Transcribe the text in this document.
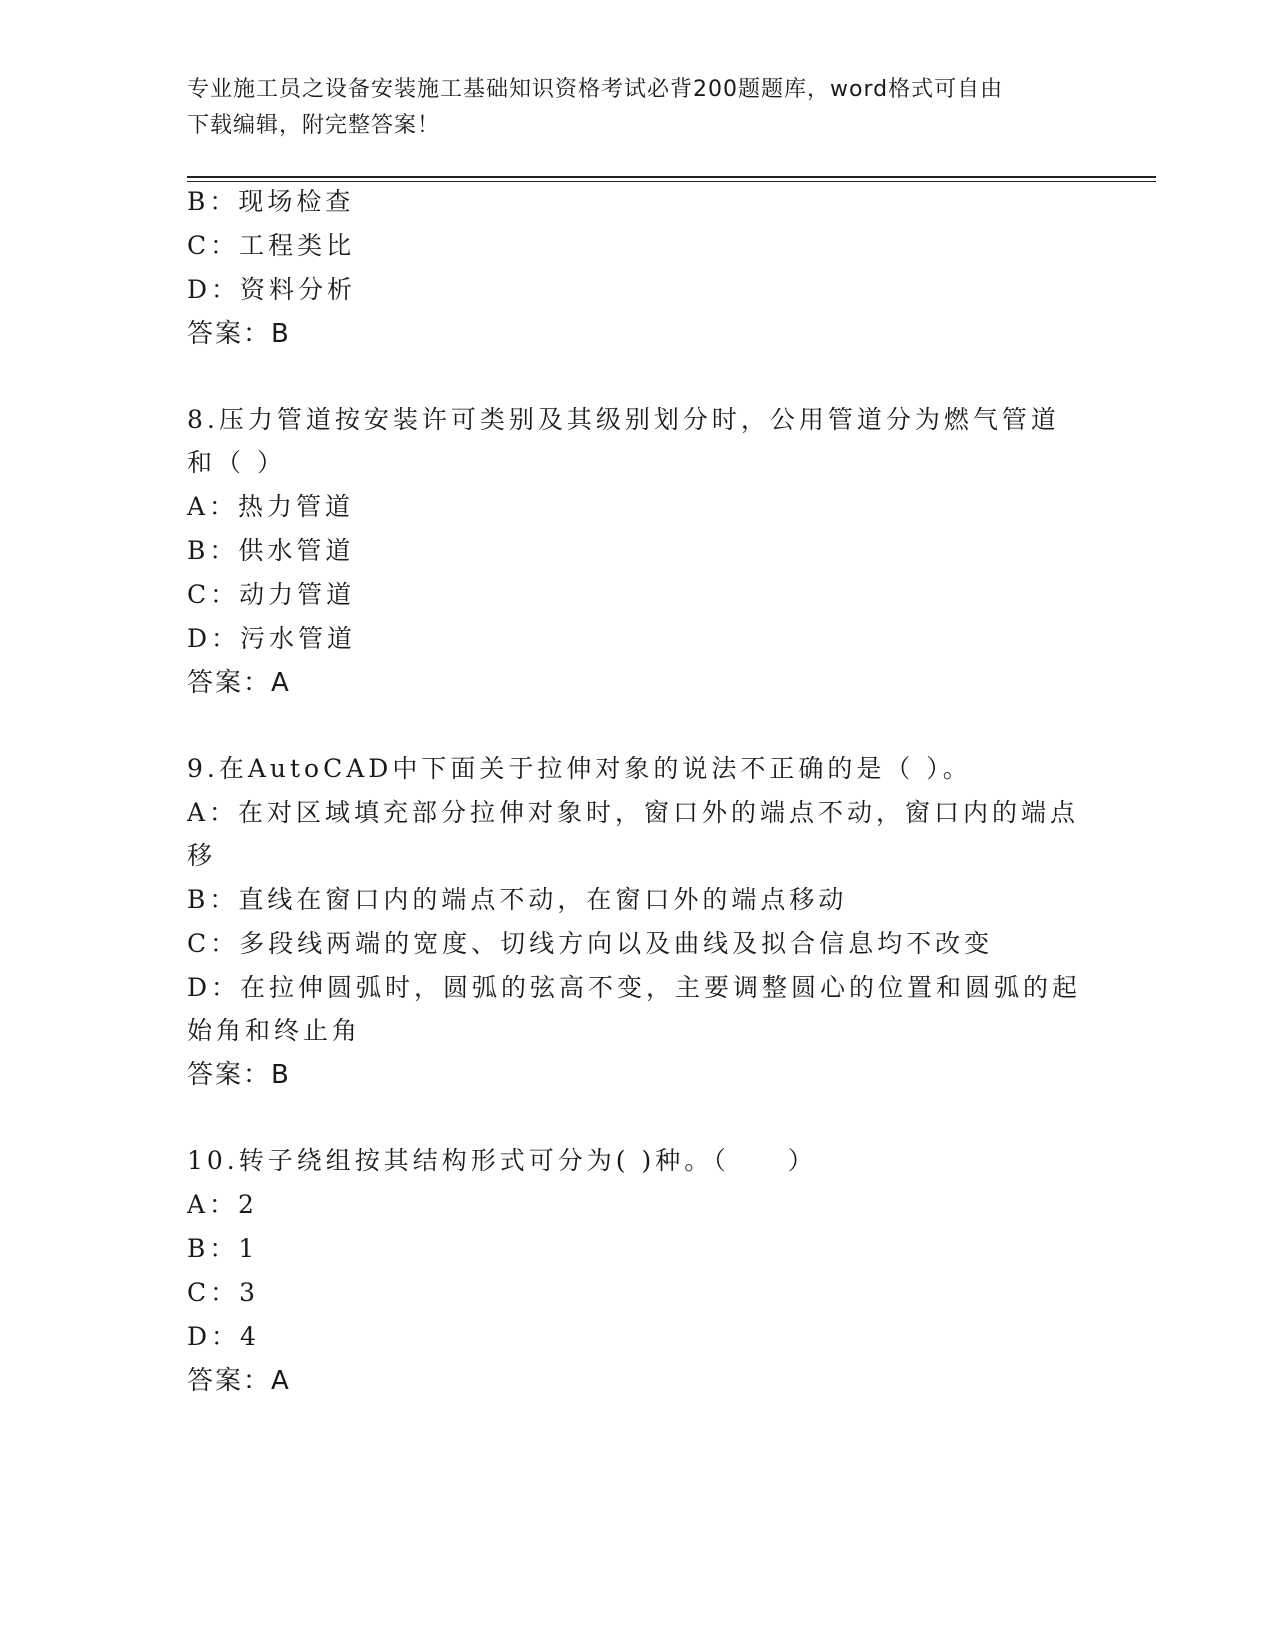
专业施工员之设备安装施工基础知识资格考试必背200题题库，word格式可自由
下载编辑，附完整答案！
B：现场检查
C：工程类比
D：资料分析
答案：B
8.压力管道按安装许可类别及其级别划分时，公用管道分为燃气管道
和（ ）
A：热力管道
B：供水管道
C：动力管道
D：污水管道
答案：A
9.在AutoCAD中下面关于拉伸对象的说法不正确的是（ ）。
A：在对区域填充部分拉伸对象时，窗口外的端点不动，窗口内的端点
移
B：直线在窗口内的端点不动，在窗口外的端点移动
C：多段线两端的宽度、切线方向以及曲线及拟合信息均不改变
D：在拉伸圆弧时，圆弧的弦高不变，主要调整圆心的位置和圆弧的起
始角和终止角
答案：B
10.转子绕组按其结构形式可分为( )种。（　　）
A：2
B：1
C：3
D：4
答案：A
